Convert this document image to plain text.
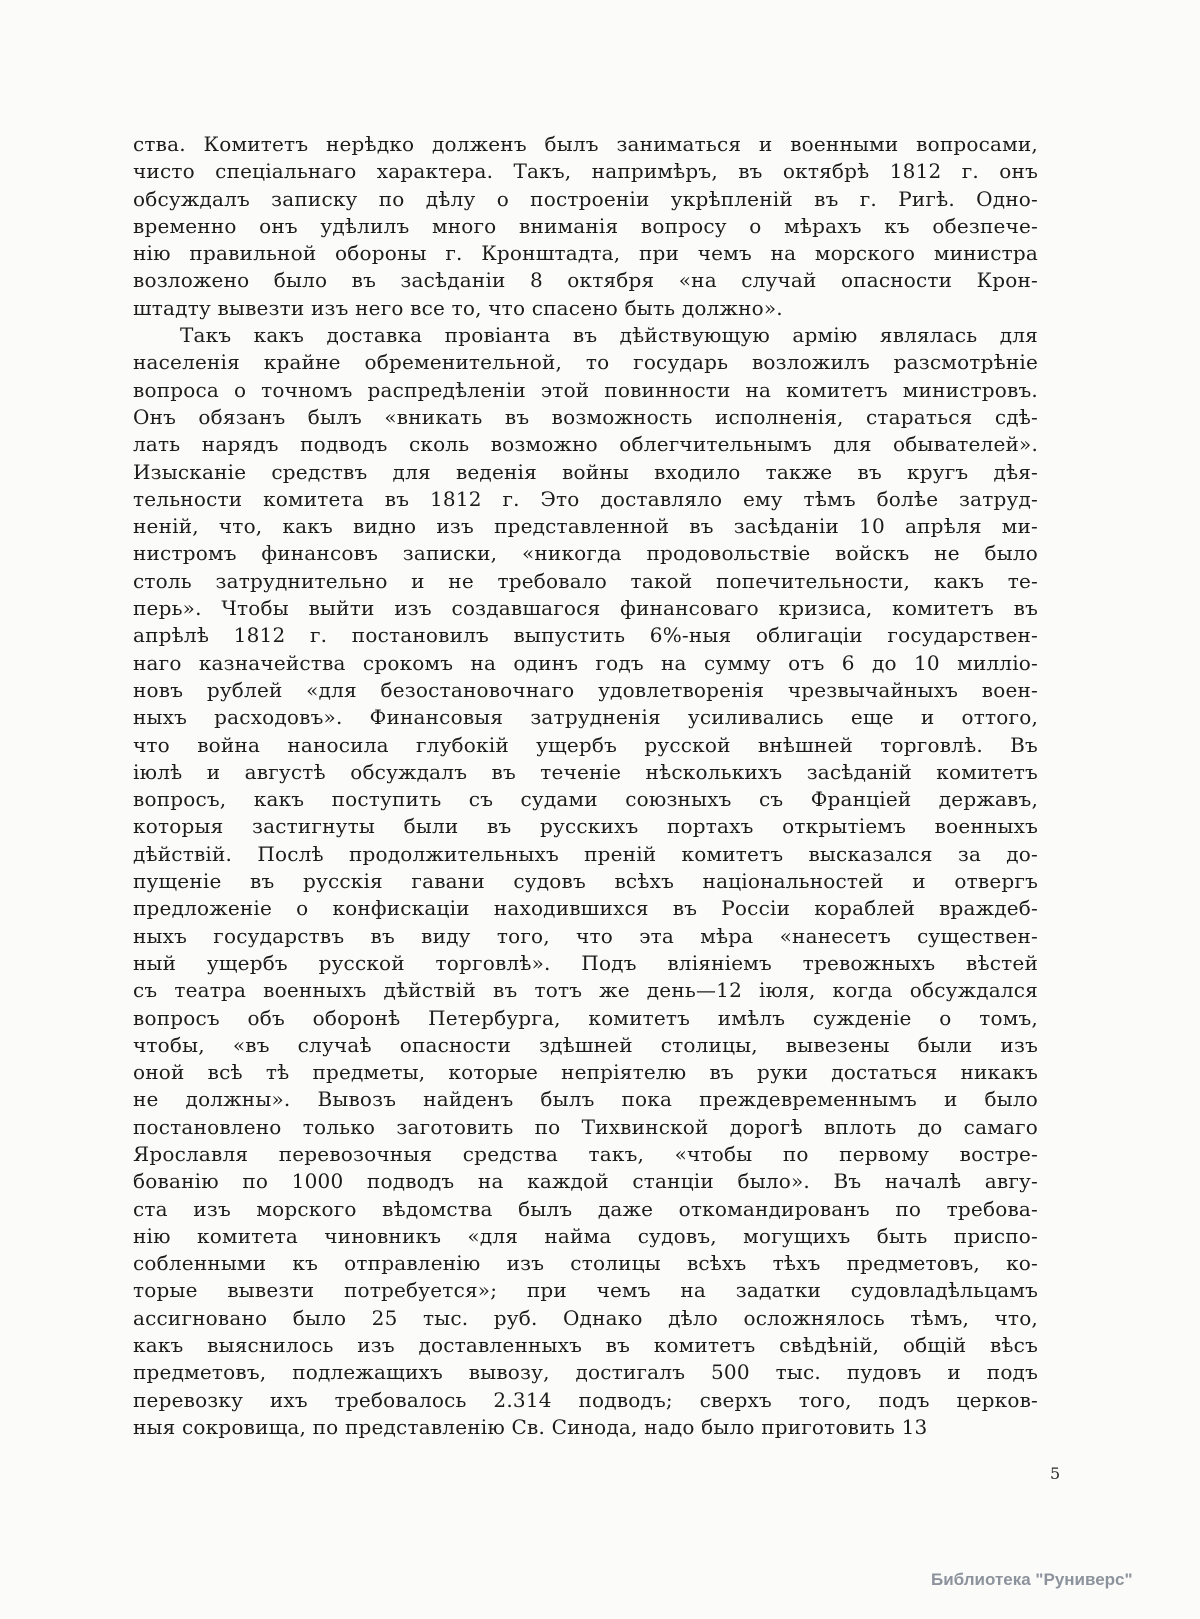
ства. Комитетъ нерѣдко долженъ былъ заниматься и военными вопросами,
чисто спеціальнаго характера. Такъ, напримѣръ, въ октябрѣ 1812 г. онъ
обсуждалъ записку по дѣлу о построеніи укрѣпленій въ г. Ригѣ. Одно-
временно онъ удѣлилъ много вниманія вопросу о мѣрахъ къ обезпече-
нію правильной обороны г. Кронштадта, при чемъ на морского министра
возложено было въ засѣданіи 8 октября «на случай опасности Крон-
штадту вывезти изъ него все то, что спасено быть должно».
Такъ какъ доставка провіанта въ дѣйствующую армію являлась для
населенія крайне обременительной, то государь возложилъ разсмотрѣніе
вопроса о точномъ распредѣленіи этой повинности на комитетъ министровъ.
Онъ обязанъ былъ «вникать въ возможность исполненія, стараться сдѣ-
лать нарядъ подводъ сколь возможно облегчительнымъ для обывателей».
Изысканіе средствъ для веденія войны входило также въ кругъ дѣя-
тельности комитета въ 1812 г. Это доставляло ему тѣмъ болѣе затруд-
неній, что, какъ видно изъ представленной въ засѣданіи 10 апрѣля ми-
нистромъ финансовъ записки, «никогда продовольствіе войскъ не было
столь затруднительно и не требовало такой попечительности, какъ те-
перь». Чтобы выйти изъ создавшагося финансоваго кризиса, комитетъ въ
апрѣлѣ 1812 г. постановилъ выпустить 6%-ныя облигаціи государствен-
наго казначейства срокомъ на одинъ годъ на сумму отъ 6 до 10 милліо-
новъ рублей «для безостановочнаго удовлетворенія чрезвычайныхъ воен-
ныхъ расходовъ». Финансовыя затрудненія усиливались еще и оттого,
что война наносила глубокій ущербъ русской внѣшней торговлѣ. Въ
іюлѣ и августѣ обсуждалъ въ теченіе нѣсколькихъ засѣданій комитетъ
вопросъ, какъ поступить съ судами союзныхъ съ Франціей державъ,
которыя застигнуты были въ русскихъ портахъ открытіемъ военныхъ
дѣйствій. Послѣ продолжительныхъ преній комитетъ высказался за до-
пущеніе въ русскія гавани судовъ всѣхъ національностей и отвергъ
предложеніе о конфискаціи находившихся въ Россіи кораблей враждеб-
ныхъ государствъ въ виду того, что эта мѣра «нанесетъ существен-
ный ущербъ русской торговлѣ». Подъ вліяніемъ тревожныхъ вѣстей
съ театра военныхъ дѣйствій въ тотъ же день—12 іюля, когда обсуждался
вопросъ объ оборонѣ Петербурга, комитетъ имѣлъ сужденіе о томъ,
чтобы, «въ случаѣ опасности здѣшней столицы, вывезены были изъ
оной всѣ тѣ предметы, которые непріятелю въ руки достаться никакъ
не должны». Вывозъ найденъ былъ пока преждевременнымъ и было
постановлено только заготовить по Тихвинской дорогѣ вплоть до самаго
Ярославля перевозочныя средства такъ, «чтобы по первому востре-
бованію по 1000 подводъ на каждой станціи было». Въ началѣ авгу-
ста изъ морского вѣдомства былъ даже откомандированъ по требова-
нію комитета чиновникъ «для найма судовъ, могущихъ быть приспо-
собленными къ отправленію изъ столицы всѣхъ тѣхъ предметовъ, ко-
торые вывезти потребуется»; при чемъ на задатки судовладѣльцамъ
ассигновано было 25 тыс. руб. Однако дѣло осложнялось тѣмъ, что,
какъ выяснилось изъ доставленныхъ въ комитетъ свѣдѣній, общій вѣсъ
предметовъ, подлежащихъ вывозу, достигалъ 500 тыс. пудовъ и подъ
перевозку ихъ требовалось 2.314 подводъ; сверхъ того, подъ церков-
ныя сокровища, по представленію Св. Синода, надо было приготовить 13
5
Библиотека "Руниверс"
